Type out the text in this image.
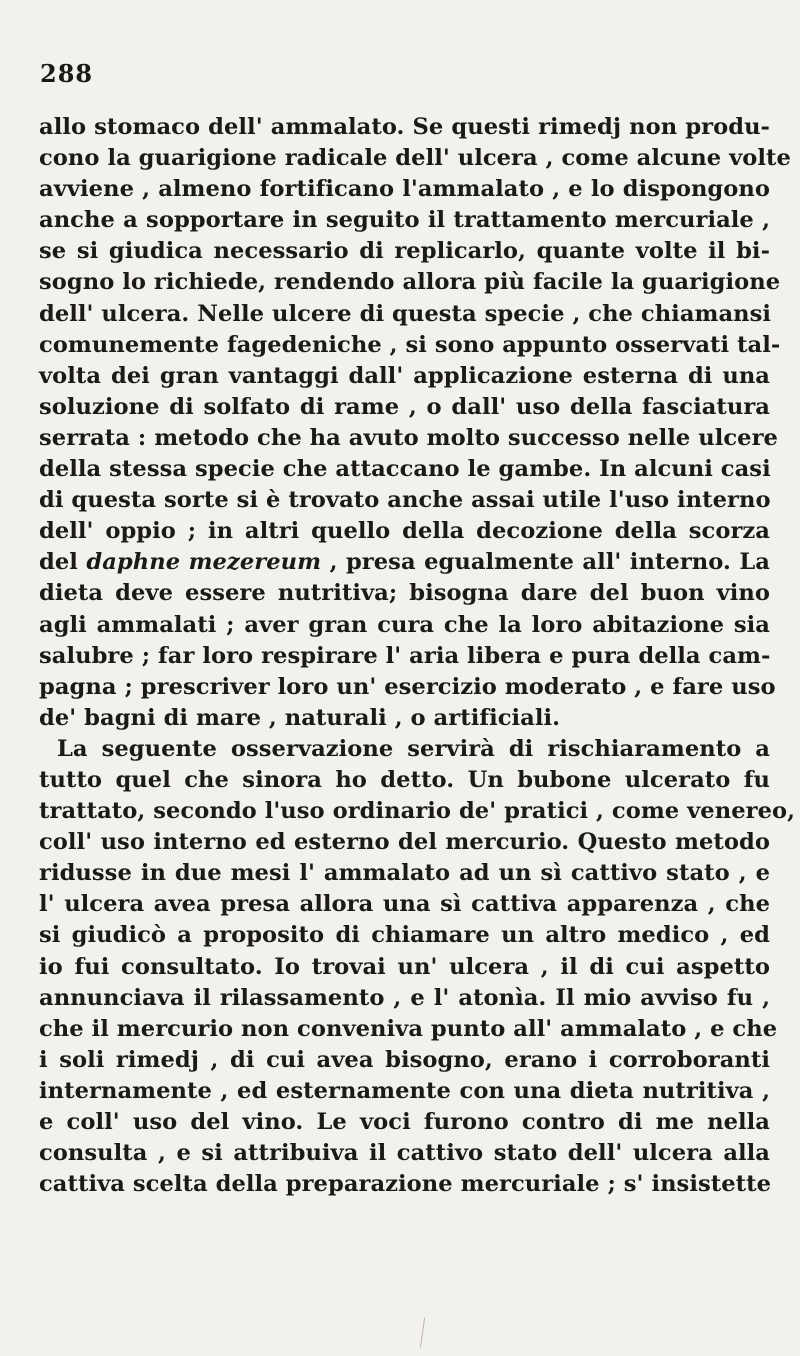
288
allo stomaco dell' ammalato. Se questi rimedj non produ-
cono la guarigione radicale dell' ulcera , come alcune volte
avviene , almeno fortificano l'ammalato , e lo dispongono
anche a sopportare in seguito il trattamento mercuriale ,
se si giudica necessario di replicarlo, quante volte il bi-
sogno lo richiede, rendendo allora più facile la guarigione
dell' ulcera. Nelle ulcere di questa specie , che chiamansi
comunemente fagedeniche , si sono appunto osservati tal-
volta dei gran vantaggi dall' applicazione esterna di una
soluzione di solfato di rame , o dall' uso della fasciatura
serrata : metodo che ha avuto molto successo nelle ulcere
della stessa specie che attaccano le gambe. In alcuni casi
di questa sorte si è trovato anche assai utile l'uso interno
dell' oppio ; in altri quello della decozione della scorza
del daphne mezereum , presa egualmente all' interno. La
dieta deve essere nutritiva; bisogna dare del buon vino
agli ammalati ; aver gran cura che la loro abitazione sia
salubre ; far loro respirare l' aria libera e pura della cam-
pagna ; prescriver loro un' esercizio moderato , e fare uso
de' bagni di mare , naturali , o artificiali.
La seguente osservazione servirà di rischiaramento a
tutto quel che sinora ho detto. Un bubone ulcerato fu
trattato, secondo l'uso ordinario de' pratici , come venereo,
coll' uso interno ed esterno del mercurio. Questo metodo
ridusse in due mesi l' ammalato ad un sì cattivo stato , e
l' ulcera avea presa allora una sì cattiva apparenza , che
si giudicò a proposito di chiamare un altro medico , ed
io fui consultato. Io trovai un' ulcera , il di cui aspetto
annunciava il rilassamento , e l' atonìa. Il mio avviso fu ,
che il mercurio non conveniva punto all' ammalato , e che
i soli rimedj , di cui avea bisogno, erano i corroboranti
internamente , ed esternamente con una dieta nutritiva ,
e coll' uso del vino. Le voci furono contro di me nella
consulta , e si attribuiva il cattivo stato dell' ulcera alla
cattiva scelta della preparazione mercuriale ; s' insistette
